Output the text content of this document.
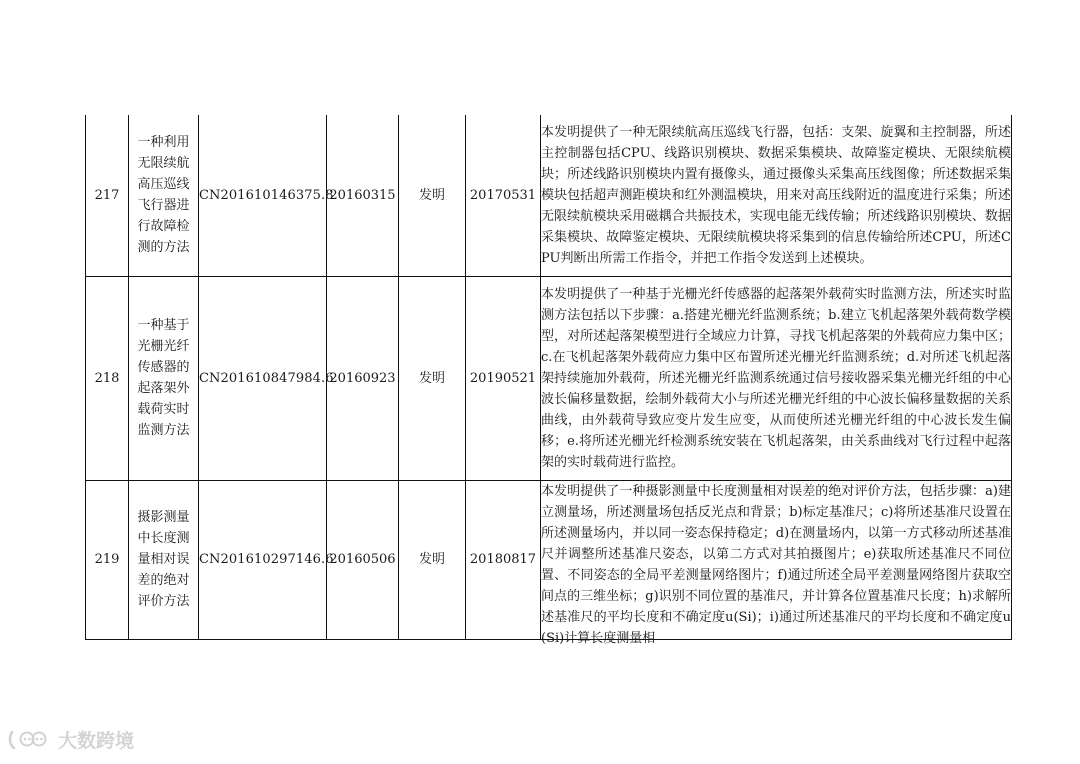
217	一种利用无限续航高压巡线飞行器进行故障检测的方法	CN201610146375.8	20160315	发明	20170531	本发明提供了一种无限续航高压巡线飞行器，包括：支架、旋翼和主控制器，所述主控制器包括CPU、线路识别模块、数据采集模块、故障鉴定模块、无限续航模块；所述线路识别模块内置有摄像头，通过摄像头采集高压线图像；所述数据采集模块包括超声测距模块和红外测温模块，用来对高压线附近的温度进行采集；所述无限续航模块采用磁耦合共振技术，实现电能无线传输；所述线路识别模块、数据采集模块、故障鉴定模块、无限续航模块将采集到的信息传输给所述CPU，所述CPU判断出所需工作指令，并把工作指令发送到上述模块。
218	一种基于光栅光纤传感器的起落架外载荷实时监测方法	CN201610847984.6	20160923	发明	20190521	本发明提供了一种基于光栅光纤传感器的起落架外载荷实时监测方法，所述实时监测方法包括以下步骤：a.搭建光栅光纤监测系统；b.建立飞机起落架外载荷数学模型，对所述起落架模型进行全域应力计算，寻找飞机起落架的外载荷应力集中区；c.在飞机起落架外载荷应力集中区布置所述光栅光纤监测系统；d.对所述飞机起落架持续施加外载荷，所述光栅光纤监测系统通过信号接收器采集光栅光纤组的中心波长偏移量数据，绘制外载荷大小与所述光栅光纤组的中心波长偏移量数据的关系曲线，由外载荷导致应变片发生应变，从而使所述光栅光纤组的中心波长发生偏移；e.将所述光栅光纤检测系统安装在飞机起落架，由关系曲线对飞行过程中起落架的实时载荷进行监控。
219	摄影测量中长度测量相对误差的绝对评价方法	CN201610297146.6	20160506	发明	20180817	本发明提供了一种摄影测量中长度测量相对误差的绝对评价方法，包括步骤：a)建立测量场，所述测量场包括反光点和背景；b)标定基准尺；c)将所述基准尺设置在所述测量场内，并以同一姿态保持稳定；d)在测量场内，以第一方式移动所述基准尺并调整所述基准尺姿态，以第二方式对其拍摄图片；e)获取所述基准尺不同位置、不同姿态的全局平差测量网络图片；f)通过所述全局平差测量网络图片获取空间点的三维坐标；g)识别不同位置的基准尺，并计算各位置基准尺长度；h)求解所述基准尺的平均长度和不确定度u(Si)；i)通过所述基准尺的平均长度和不确定度u(Si)计算长度测量相
大数跨境
